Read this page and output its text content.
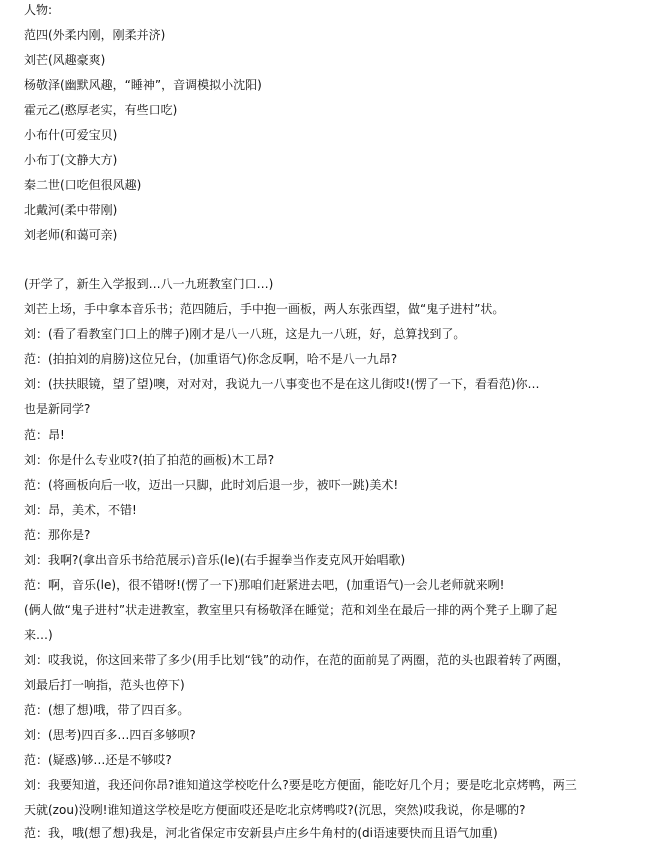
人物:
范四(外柔内刚，刚柔并济)
刘芒(风趣豪爽)
杨敬泽(幽默风趣，“睡神”，音调模拟小沈阳)
霍元乙(憨厚老实，有些口吃)
小布什(可爱宝贝)
小布丁(文静大方)
秦二世(口吃但很风趣)
北戴河(柔中带刚)
刘老师(和蔼可亲)
(开学了，新生入学报到…八一九班教室门口…)
刘芒上场，手中拿本音乐书；范四随后，手中抱一画板，两人东张西望，做“鬼子进村”状。
刘：(看了看教室门口上的牌子)刚才是八一八班，这是九一八班，好，总算找到了。
范：(拍拍刘的肩膀)这位兄台，(加重语气)你念反啊，哈不是八一九昂?
刘：(扶扶眼镜，望了望)噢，对对对，我说九一八事变也不是在这儿街哎!(愣了一下，看看范)你…
也是新同学?
范：昂!
刘：你是什么专业哎?(拍了拍范的画板)木工昂?
范：(将画板向后一收，迈出一只脚，此时刘后退一步，被吓一跳)美术!
刘：昂，美术，不错!
范：那你是?
刘：我啊?(拿出音乐书给范展示)音乐(le)(右手握拳当作麦克风开始唱歌)
范：啊，音乐(le)，很不错呀!(愣了一下)那咱们赶紧进去吧，(加重语气)一会儿老师就来咧!
(俩人做“鬼子进村”状走进教室，教室里只有杨敬泽在睡觉；范和刘坐在最后一排的两个凳子上聊了起
来…)
刘：哎我说，你这回来带了多少(用手比划“钱”的动作，在范的面前晃了两圈，范的头也跟着转了两圈，
刘最后打一响指，范头也停下)
范：(想了想)哦，带了四百多。
刘：(思考)四百多…四百多够呗?
范：(疑惑)够…还是不够哎?
刘：我要知道，我还问你昂?谁知道这学校吃什么?要是吃方便面，能吃好几个月；要是吃北京烤鸭，两三
天就(zou)没咧!谁知道这学校是吃方便面哎还是吃北京烤鸭哎?(沉思，突然)哎我说，你是哪的?
范：我，哦(想了想)我是，河北省保定市安新县卢庄乡牛角村的(di语速要快而且语气加重)
